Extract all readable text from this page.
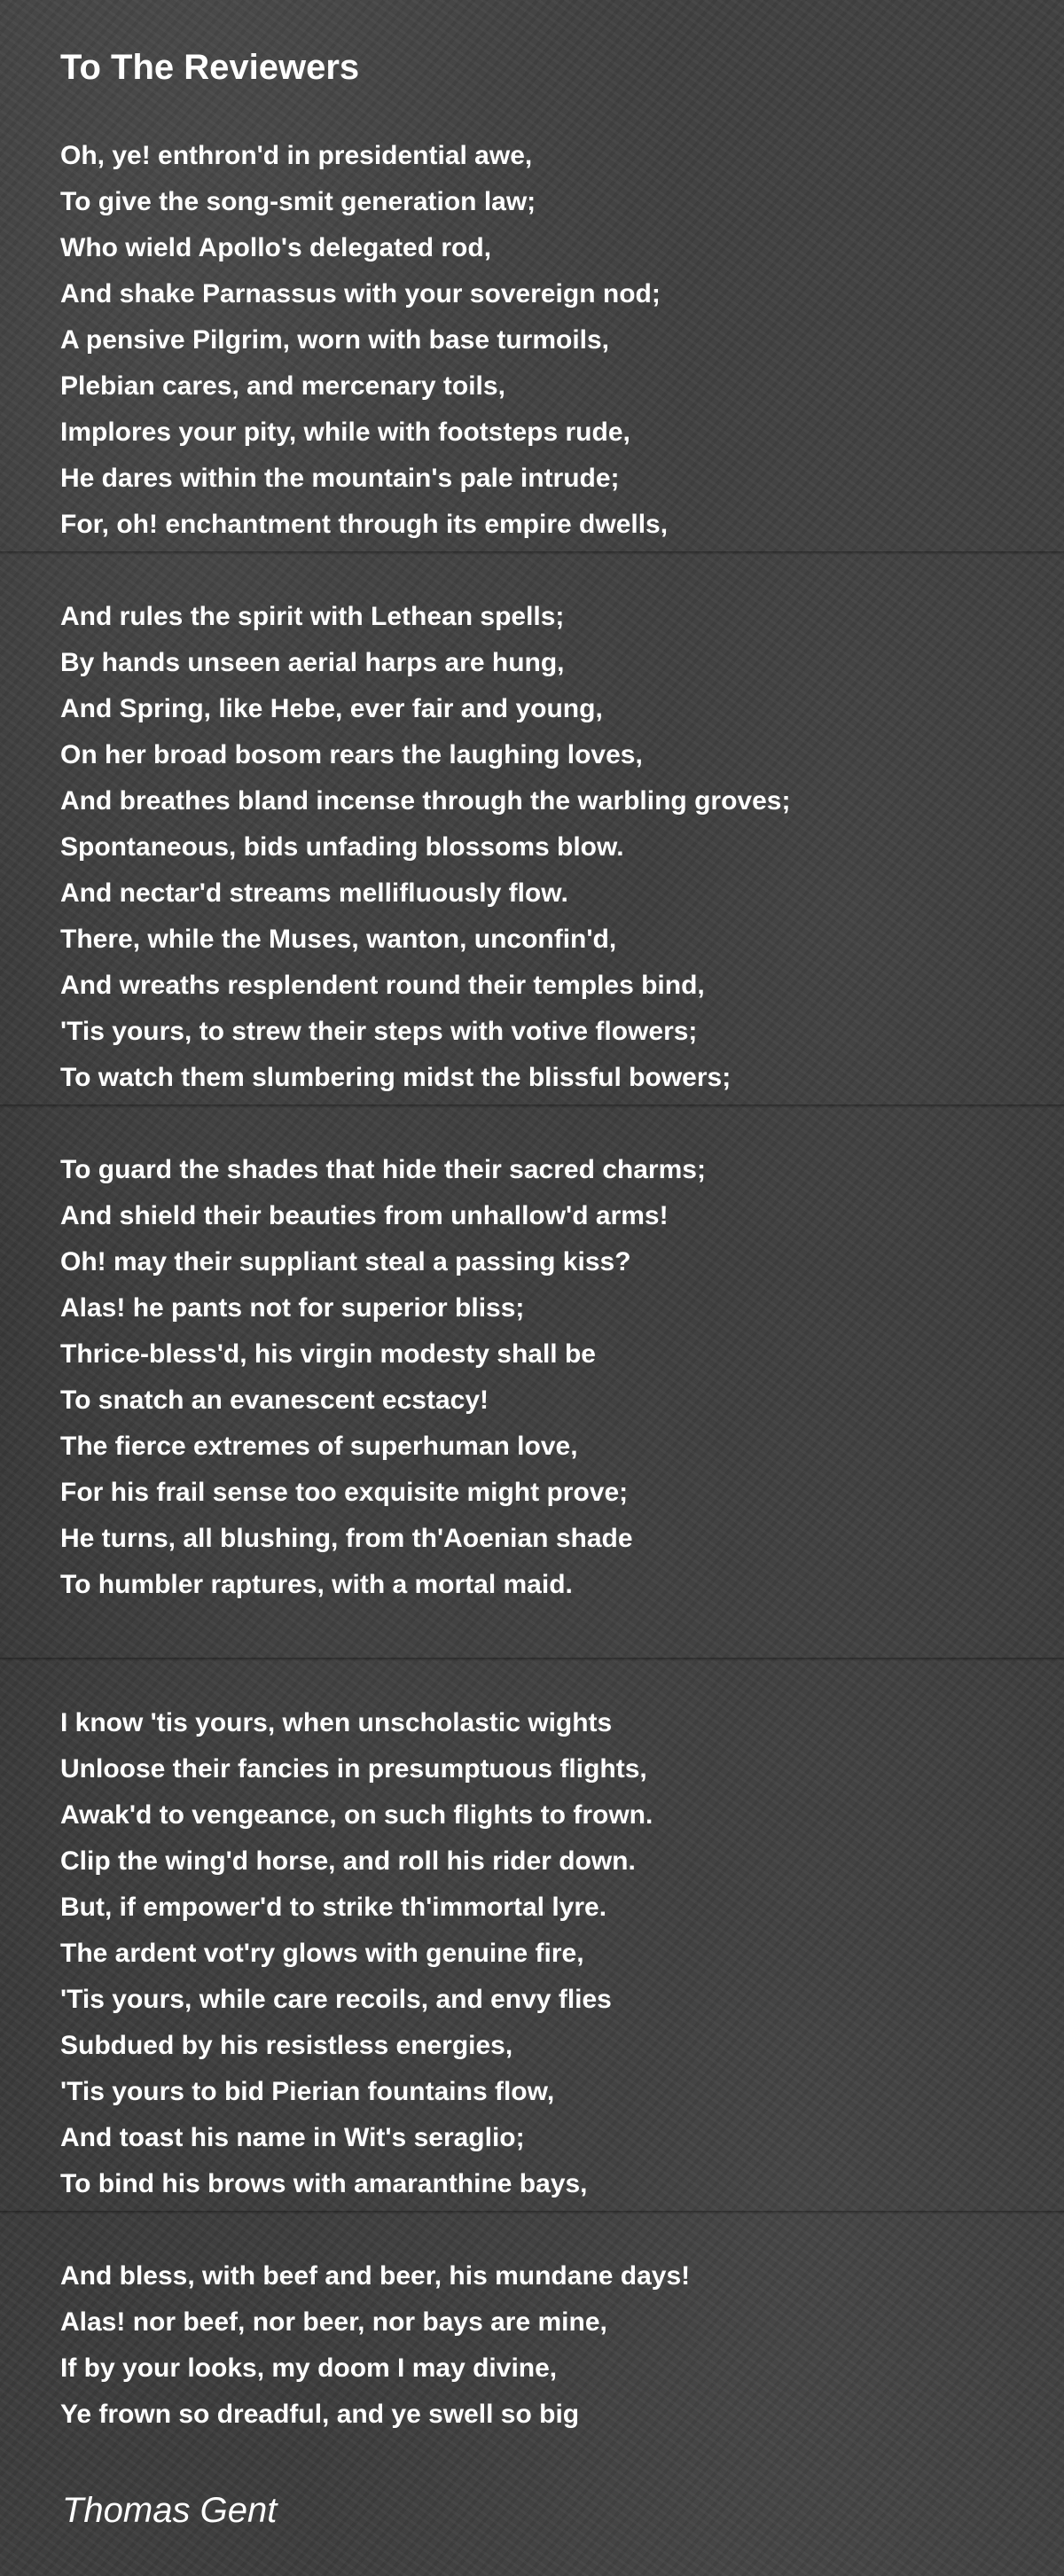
To The Reviewers
Oh, ye! enthron'd in presidential awe,
To give the song-smit generation law;
Who wield Apollo's delegated rod,
And shake Parnassus with your sovereign nod;
A pensive Pilgrim, worn with base turmoils,
Plebian cares, and mercenary toils,
Implores your pity, while with footsteps rude,
He dares within the mountain's pale intrude;
For, oh! enchantment through its empire dwells,
And rules the spirit with Lethean spells;
By hands unseen aerial harps are hung,
And Spring, like Hebe, ever fair and young,
On her broad bosom rears the laughing loves,
And breathes bland incense through the warbling groves;
Spontaneous, bids unfading blossoms blow.
And nectar'd streams mellifluously flow.
There, while the Muses, wanton, unconfin'd,
And wreaths resplendent round their temples bind,
'Tis yours, to strew their steps with votive flowers;
To watch them slumbering midst the blissful bowers;
To guard the shades that hide their sacred charms;
And shield their beauties from unhallow'd arms!
Oh! may their suppliant steal a passing kiss?
Alas! he pants not for superior bliss;
Thrice-bless'd, his virgin modesty shall be
To snatch an evanescent ecstacy!
The fierce extremes of superhuman love,
For his frail sense too exquisite might prove;
He turns, all blushing, from th'Aoenian shade
To humbler raptures, with a mortal maid.
I know 'tis yours, when unscholastic wights
Unloose their fancies in presumptuous flights,
Awak'd to vengeance, on such flights to frown.
Clip the wing'd horse, and roll his rider down.
But, if empower'd to strike th'immortal lyre.
The ardent vot'ry glows with genuine fire,
'Tis yours, while care recoils, and envy flies
Subdued by his resistless energies,
'Tis yours to bid Pierian fountains flow,
And toast his name in Wit's seraglio;
To bind his brows with amaranthine bays,
And bless, with beef and beer, his mundane days!
Alas! nor beef, nor beer, nor bays are mine,
If by your looks, my doom I may divine,
Ye frown so dreadful, and ye swell so big
Thomas Gent
